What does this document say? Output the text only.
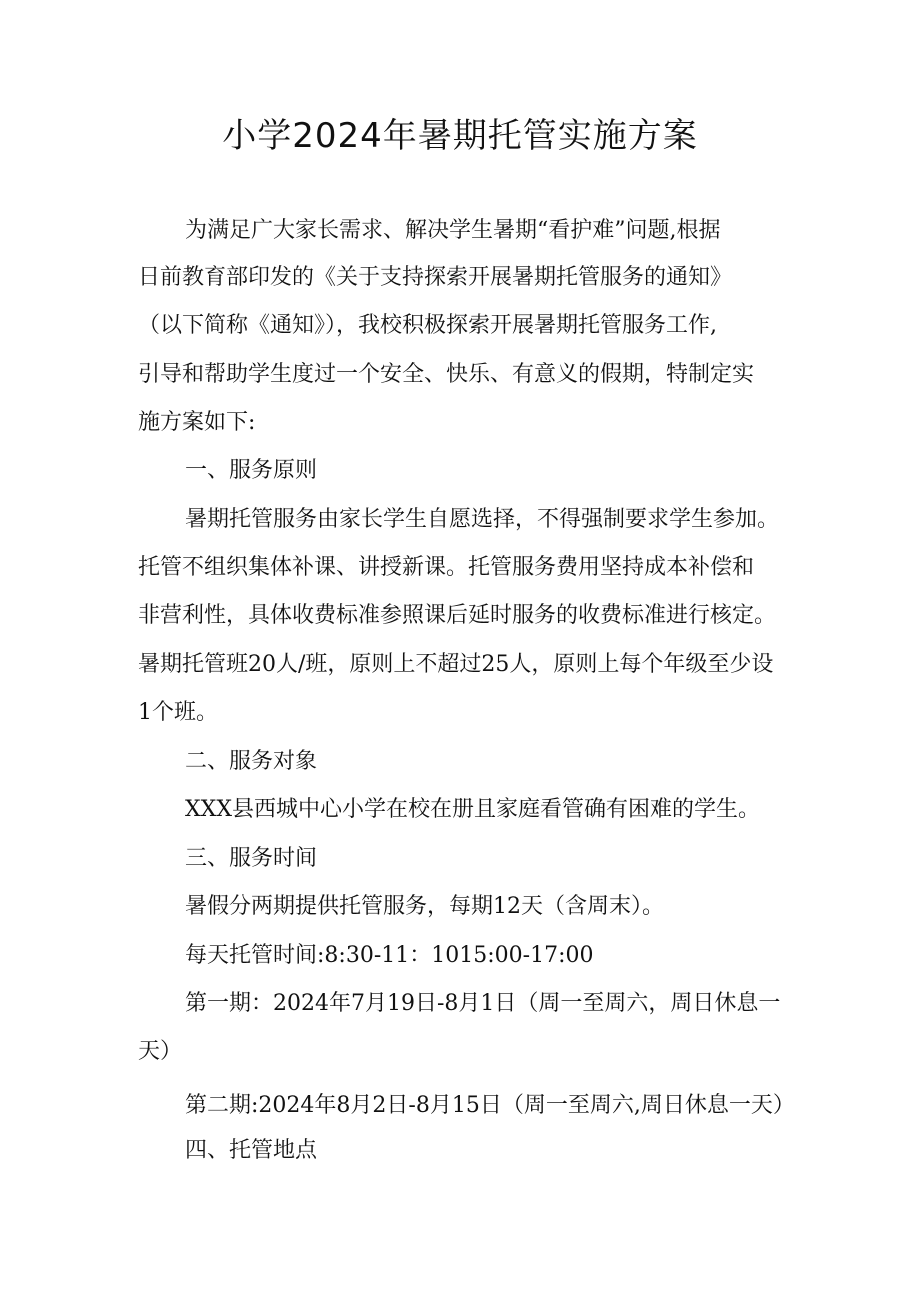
小学2024年暑期托管实施方案
为满足广大家长需求、解决学生暑期“看护难”问题,根据
日前教育部印发的《关于支持探索开展暑期托管服务的通知》
（以下简称《通知》），我校积极探索开展暑期托管服务工作,
引导和帮助学生度过一个安全、快乐、有意义的假期，特制定实
施方案如下:
一、服务原则
暑期托管服务由家长学生自愿选择，不得强制要求学生参加。
托管不组织集体补课、讲授新课。托管服务费用坚持成本补偿和
非营利性，具体收费标准参照课后延时服务的收费标准进行核定。
暑期托管班20人/班，原则上不超过25人，原则上每个年级至少设
1个班。
二、服务对象
XXX县西城中心小学在校在册且家庭看管确有困难的学生。
三、服务时间
暑假分两期提供托管服务，每期12天（含周末）。
每天托管时间:8:30-11：1015:00-17:00
第一期：2024年7月19日-8月1日（周一至周六，周日休息一
天）
第二期:2024年8月2日-8月15日（周一至周六,周日休息一天）
四、托管地点
